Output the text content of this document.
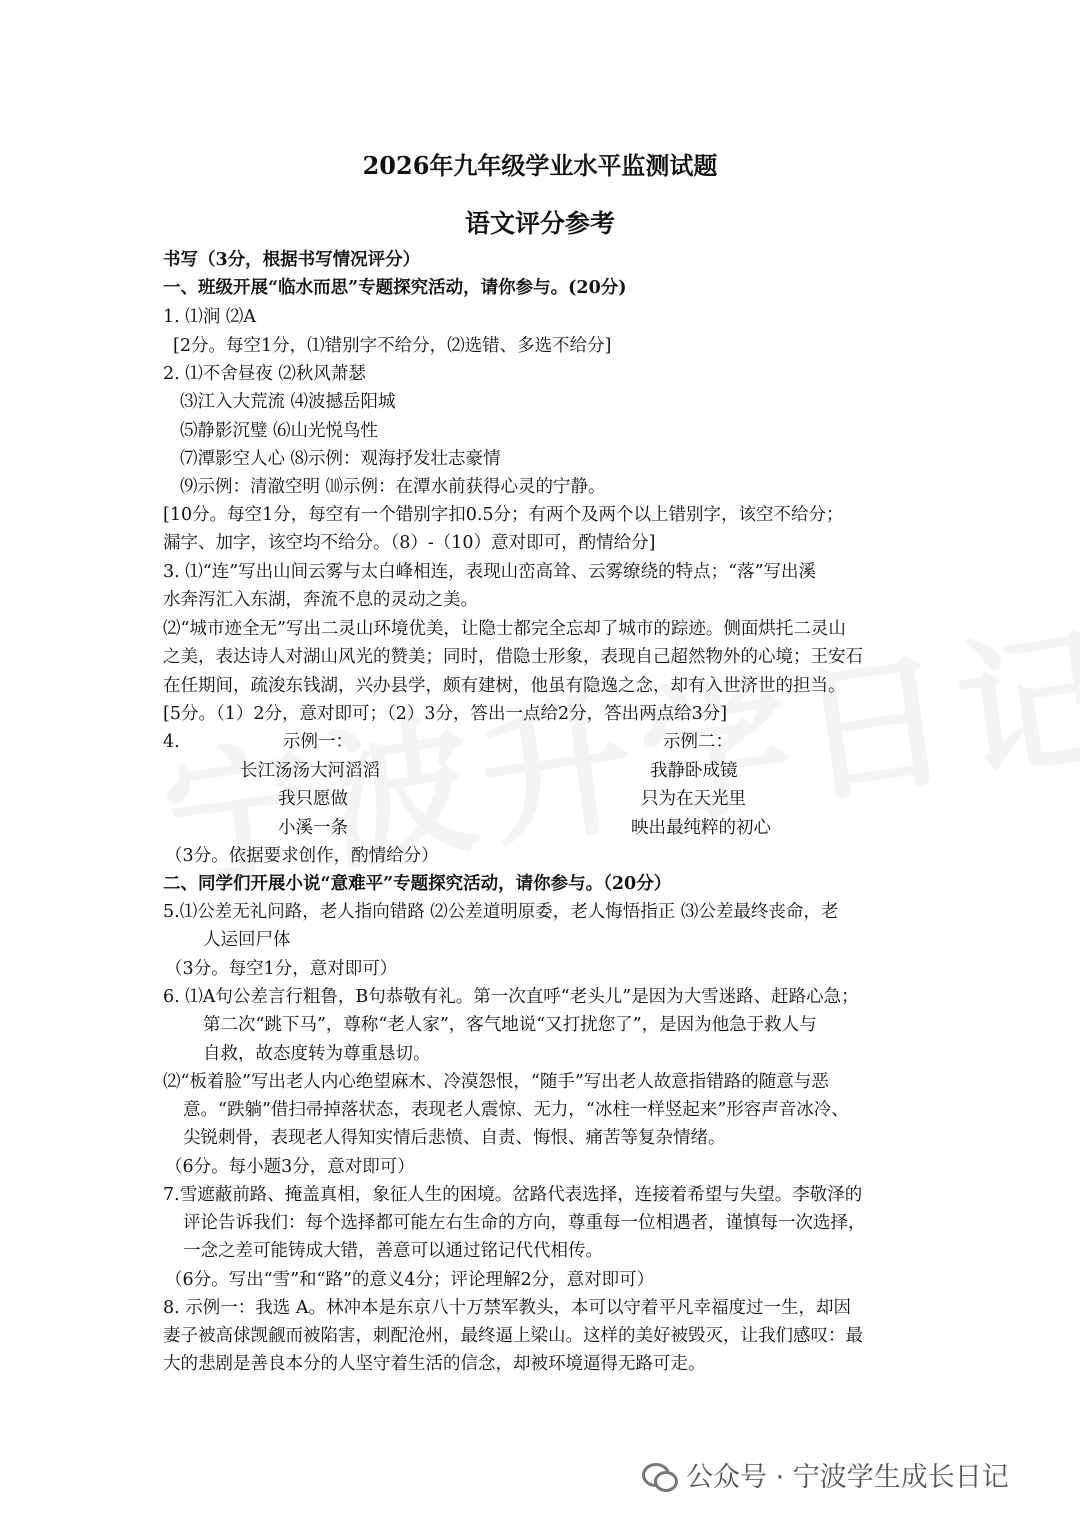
2026年九年级学业水平监测试题
语文评分参考
书写（3分，根据书写情况评分）
一、班级开展“临水而思”专题探究活动，请你参与。(20分)
1. ⑴涧 ⑵A
[2分。每空1分，⑴错别字不给分，⑵选错、多选不给分]
2. ⑴不舍昼夜 ⑵秋风萧瑟
⑶江入大荒流 ⑷波撼岳阳城
⑸静影沉璧 ⑹山光悦鸟性
⑺潭影空人心 ⑻示例：观海抒发壮志豪情
⑼示例：清澈空明 ⑽示例：在潭水前获得心灵的宁静。
[10分。每空1分，每空有一个错别字扣0.5分；有两个及两个以上错别字，该空不给分；
漏字、加字，该空均不给分。（8）-（10）意对即可，酌情给分]
3. ⑴“连”写出山间云雾与太白峰相连，表现山峦高耸、云雾缭绕的特点；“落”写出溪
水奔泻汇入东湖，奔流不息的灵动之美。
⑵“城市迹全无”写出二灵山环境优美，让隐士都完全忘却了城市的踪迹。侧面烘托二灵山
之美，表达诗人对湖山风光的赞美；同时，借隐士形象，表现自己超然物外的心境；王安石
在任期间，疏浚东钱湖，兴办县学，颇有建树，他虽有隐逸之念，却有入世济世的担当。
[5分。（1）2分，意对即可；（2）3分，答出一点给2分，答出两点给3分]
4.	示例一：	示例二：
长江汤汤大河滔滔	我静卧成镜
我只愿做	只为在天光里
小溪一条	映出最纯粹的初心
（3分。依据要求创作，酌情给分）
二、同学们开展小说“意难平”专题探究活动，请你参与。（20分）
5.⑴公差无礼问路，老人指向错路 ⑵公差道明原委，老人悔悟指正 ⑶公差最终丧命，老
人运回尸体
（3分。每空1分，意对即可）
6. ⑴A句公差言行粗鲁，B句恭敬有礼。第一次直呼“老头儿”是因为大雪迷路、赶路心急；
第二次“跳下马”，尊称“老人家”，客气地说“又打扰您了”，是因为他急于救人与
自救，故态度转为尊重恳切。
⑵“板着脸”写出老人内心绝望麻木、冷漠怨恨，“随手”写出老人故意指错路的随意与恶
意。“跌躺”借扫帚掉落状态，表现老人震惊、无力，“冰柱一样竖起来”形容声音冰冷、
尖锐刺骨，表现老人得知实情后悲愤、自责、悔恨、痛苦等复杂情绪。
（6分。每小题3分，意对即可）
7.雪遮蔽前路、掩盖真相，象征人生的困境。岔路代表选择，连接着希望与失望。李敬泽的
评论告诉我们：每个选择都可能左右生命的方向，尊重每一位相遇者，谨慎每一次选择，
一念之差可能铸成大错，善意可以通过铭记代代相传。
（6分。写出“雪”和“路”的意义4分；评论理解2分，意对即可）
8. 示例一：我选 A。林冲本是东京八十万禁军教头，本可以守着平凡幸福度过一生，却因
妻子被高俅觊觎而被陷害，刺配沧州，最终逼上梁山。这样的美好被毁灭，让我们感叹：最
大的悲剧是善良本分的人坚守着生活的信念，却被环境逼得无路可走。
公众号 · 宁波学生成长日记
